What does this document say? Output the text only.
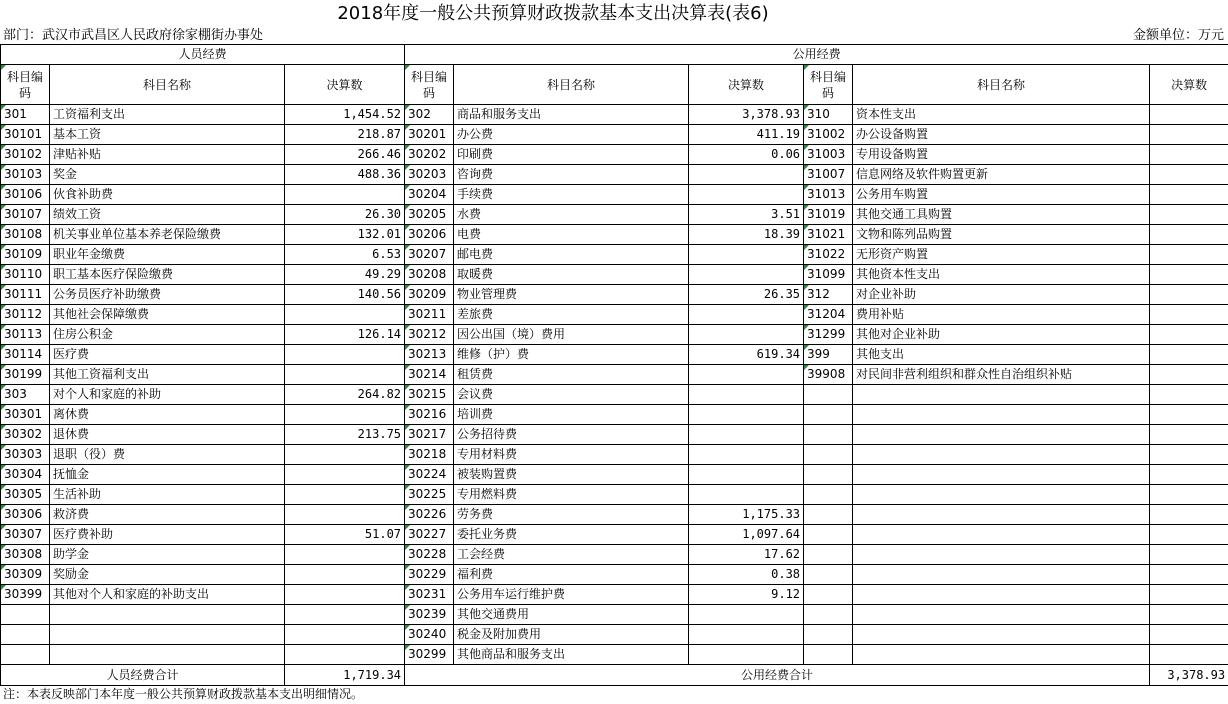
2018年度一般公共预算财政拨款基本支出决算表(表6)
部门：武汉市武昌区人民政府徐家棚街办事处	金额单位：万元
人员经费			公用经费					
科目编码	科目名称	决算数	科目编码	科目名称	决算数	科目编码	科目名称	决算数
301	工资福利支出	1,454.52	302	商品和服务支出	3,378.93	310	资本性支出	
30101	基本工资	218.87	30201	办公费	411.19	31002	办公设备购置	
30102	津贴补贴	266.46	30202	印刷费	0.06	31003	专用设备购置	
30103	奖金	488.36	30203	咨询费		31007	信息网络及软件购置更新	
30106	伙食补助费		30204	手续费		31013	公务用车购置	
30107	绩效工资	26.30	30205	水费	3.51	31019	其他交通工具购置	
30108	机关事业单位基本养老保险缴费	132.01	30206	电费	18.39	31021	文物和陈列品购置	
30109	职业年金缴费	6.53	30207	邮电费		31022	无形资产购置	
30110	职工基本医疗保险缴费	49.29	30208	取暖费		31099	其他资本性支出	
30111	公务员医疗补助缴费	140.56	30209	物业管理费	26.35	312	对企业补助	
30112	其他社会保障缴费		30211	差旅费		31204	费用补贴	
30113	住房公积金	126.14	30212	因公出国（境）费用		31299	其他对企业补助	
30114	医疗费		30213	维修（护）费	619.34	399	其他支出	
30199	其他工资福利支出		30214	租赁费		39908	对民间非营利组织和群众性自治组织补贴	
303	对个人和家庭的补助	264.82	30215	会议费				
30301	离休费		30216	培训费				
30302	退休费	213.75	30217	公务招待费				
30303	退职（役）费		30218	专用材料费				
30304	抚恤金		30224	被装购置费				
30305	生活补助		30225	专用燃料费				
30306	救济费		30226	劳务费	1,175.33			
30307	医疗费补助	51.07	30227	委托业务费	1,097.64			
30308	助学金		30228	工会经费	17.62			
30309	奖励金		30229	福利费	0.38			
30399	其他对个人和家庭的补助支出		30231	公务用车运行维护费	9.12			
			30239	其他交通费用				
			30240	税金及附加费用				
			30299	其他商品和服务支出				
人员经费合计		1,719.34	公用经费合计					3,378.93
注：本表反映部门本年度一般公共预算财政拨款基本支出明细情况。
